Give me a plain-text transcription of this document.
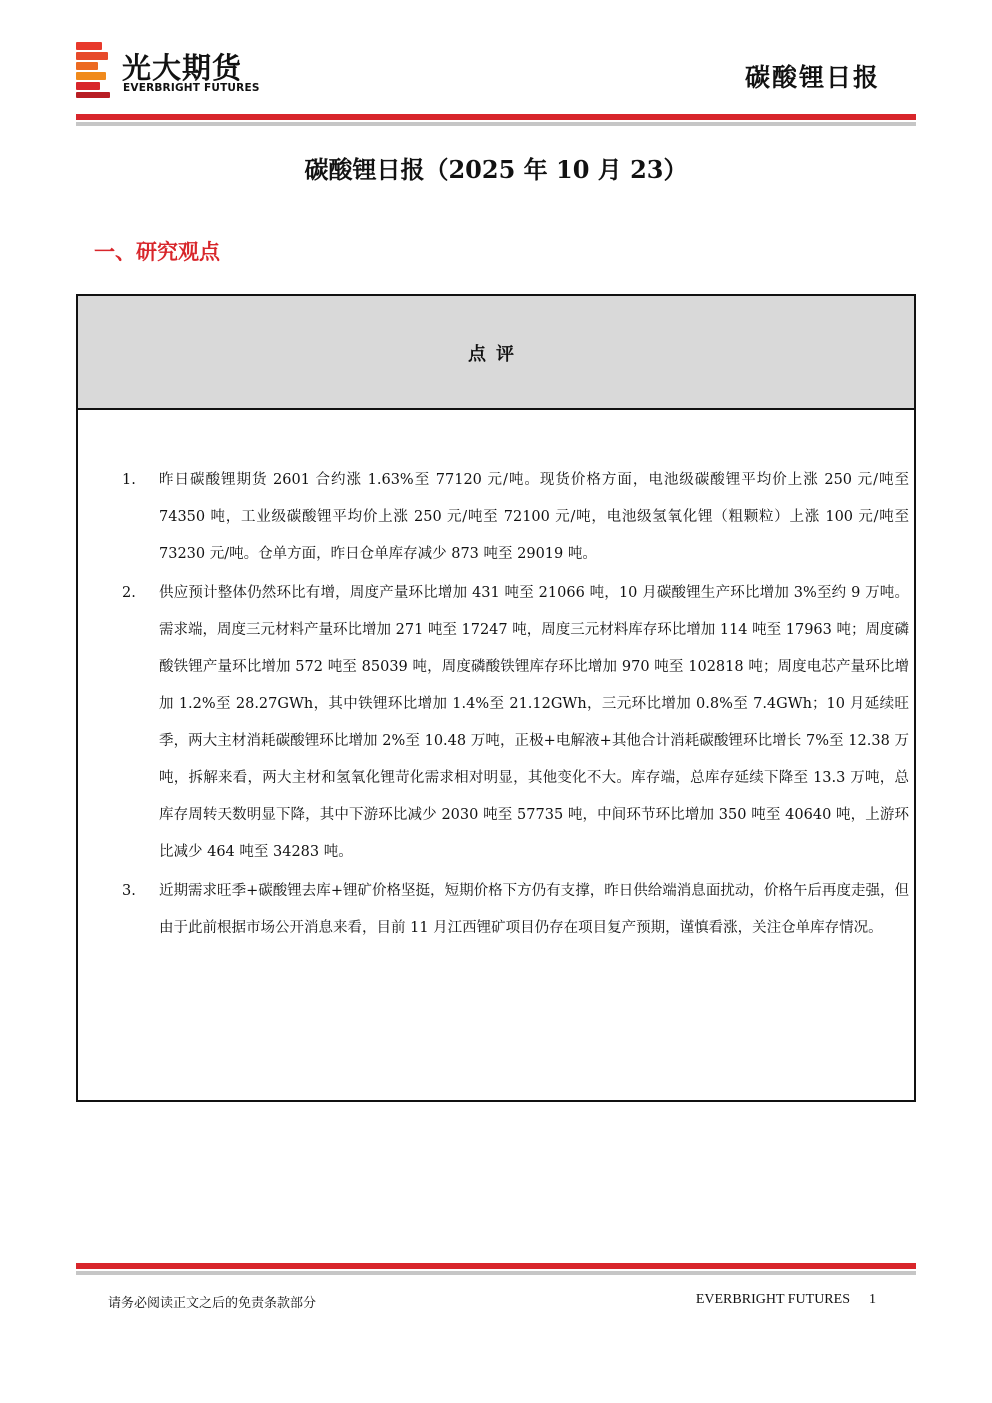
光大期货
EVERBRIGHT FUTURES	碳酸锂日报
碳酸锂日报（2025 年 10 月 23）
一、研究观点
点评
1. 昨日碳酸锂期货 2601 合约涨 1.63%至 77120 元/吨。现货价格方面，电池级碳酸锂平均价上涨 250 元/吨至 74350 吨，工业级碳酸锂平均价上涨 250 元/吨至 72100 元/吨，电池级氢氧化锂（粗颗粒）上涨 100 元/吨至 73230 元/吨。仓单方面，昨日仓单库存减少 873 吨至 29019 吨。
2. 供应预计整体仍然环比有增，周度产量环比增加 431 吨至 21066 吨，10 月碳酸锂生产环比增加 3%至约 9 万吨。需求端，周度三元材料产量环比增加 271 吨至 17247 吨，周度三元材料库存环比增加 114 吨至 17963 吨；周度磷酸铁锂产量环比增加 572 吨至 85039 吨，周度磷酸铁锂库存环比增加 970 吨至 102818 吨；周度电芯产量环比增加 1.2%至 28.27GWh，其中铁锂环比增加 1.4%至 21.12GWh，三元环比增加 0.8%至 7.4GWh；10 月延续旺季，两大主材消耗碳酸锂环比增加 2%至 10.48 万吨，正极+电解液+其他合计消耗碳酸锂环比增长 7%至 12.38 万吨，拆解来看，两大主材和氢氧化锂苛化需求相对明显，其他变化不大。库存端，总库存延续下降至 13.3 万吨，总库存周转天数明显下降，其中下游环比减少 2030 吨至 57735 吨，中间环节环比增加 350 吨至 40640 吨，上游环比减少 464 吨至 34283 吨。
3. 近期需求旺季+碳酸锂去库+锂矿价格坚挺，短期价格下方仍有支撑，昨日供给端消息面扰动，价格午后再度走强，但由于此前根据市场公开消息来看，目前 11 月江西锂矿项目仍存在项目复产预期，谨慎看涨，关注仓单库存情况。
请务必阅读正文之后的免责条款部分	EVERBRIGHT FUTURES 1
